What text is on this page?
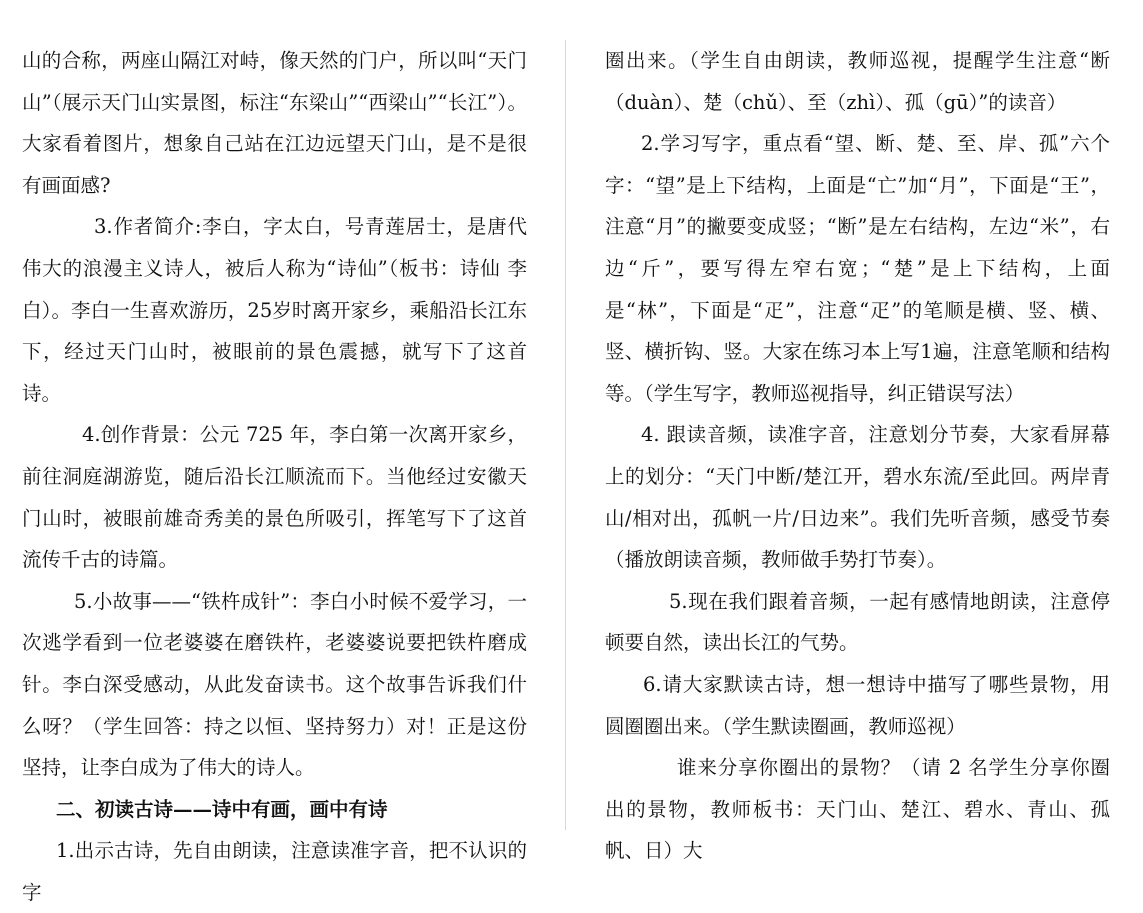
山的合称，两座山隔江对峙，像天然的门户，所以叫“天门山”（展示天门山实景图，标注“东梁山”“西梁山”“长江”）。大家看着图片，想象自己站在江边远望天门山，是不是很有画面感?

3.作者简介:李白，字太白，号青莲居士，是唐代伟大的浪漫主义诗人，被后人称为“诗仙”（板书：诗仙 李白）。李白一生喜欢游历，25岁时离开家乡，乘船沿长江东下，经过天门山时，被眼前的景色震撼，就写下了这首诗。

4.创作背景：公元 725 年，李白第一次离开家乡，前往洞庭湖游览，随后沿长江顺流而下。当他经过安徽天门山时，被眼前雄奇秀美的景色所吸引，挥笔写下了这首流传千古的诗篇。

5.小故事——“铁杵成针”：李白小时候不爱学习，一次逃学看到一位老婆婆在磨铁杵，老婆婆说要把铁杵磨成针。李白深受感动，从此发奋读书。这个故事告诉我们什么呀？（学生回答：持之以恒、坚持努力）对！正是这份坚持，让李白成为了伟大的诗人。

二、初读古诗——诗中有画，画中有诗

1.出示古诗，先自由朗读，注意读准字音，把不认识的字

圈出来。（学生自由朗读，教师巡视，提醒学生注意“断（duàn）、楚（chǔ）、至（zhì）、孤（gū）”的读音）

2.学习写字，重点看“望、断、楚、至、岸、孤”六个字：“望”是上下结构，上面是“亡”加“月”，下面是“王”，注意“月”的撇要变成竖；“断”是左右结构，左边“米”，右边“斤”，要写得左窄右宽；“楚”是上下结构，上面是“林”，下面是“疋”，注意“疋”的笔顺是横、竖、横、竖、横折钩、竖。大家在练习本上写1遍，注意笔顺和结构等。（学生写字，教师巡视指导，纠正错误写法）

4. 跟读音频，读准字音，注意划分节奏，大家看屏幕上的划分：“天门中断/楚江开，碧水东流/至此回。两岸青山/相对出，孤帆一片/日边来”。我们先听音频，感受节奏（播放朗读音频，教师做手势打节奏）。

5.现在我们跟着音频，一起有感情地朗读，注意停顿要自然，读出长江的气势。

6.请大家默读古诗，想一想诗中描写了哪些景物，用圆圈圈出来。（学生默读圈画，教师巡视）

谁来分享你圈出的景物？（请 2 名学生分享你圈出的景物，教师板书：天门山、楚江、碧水、青山、孤帆、日）大
